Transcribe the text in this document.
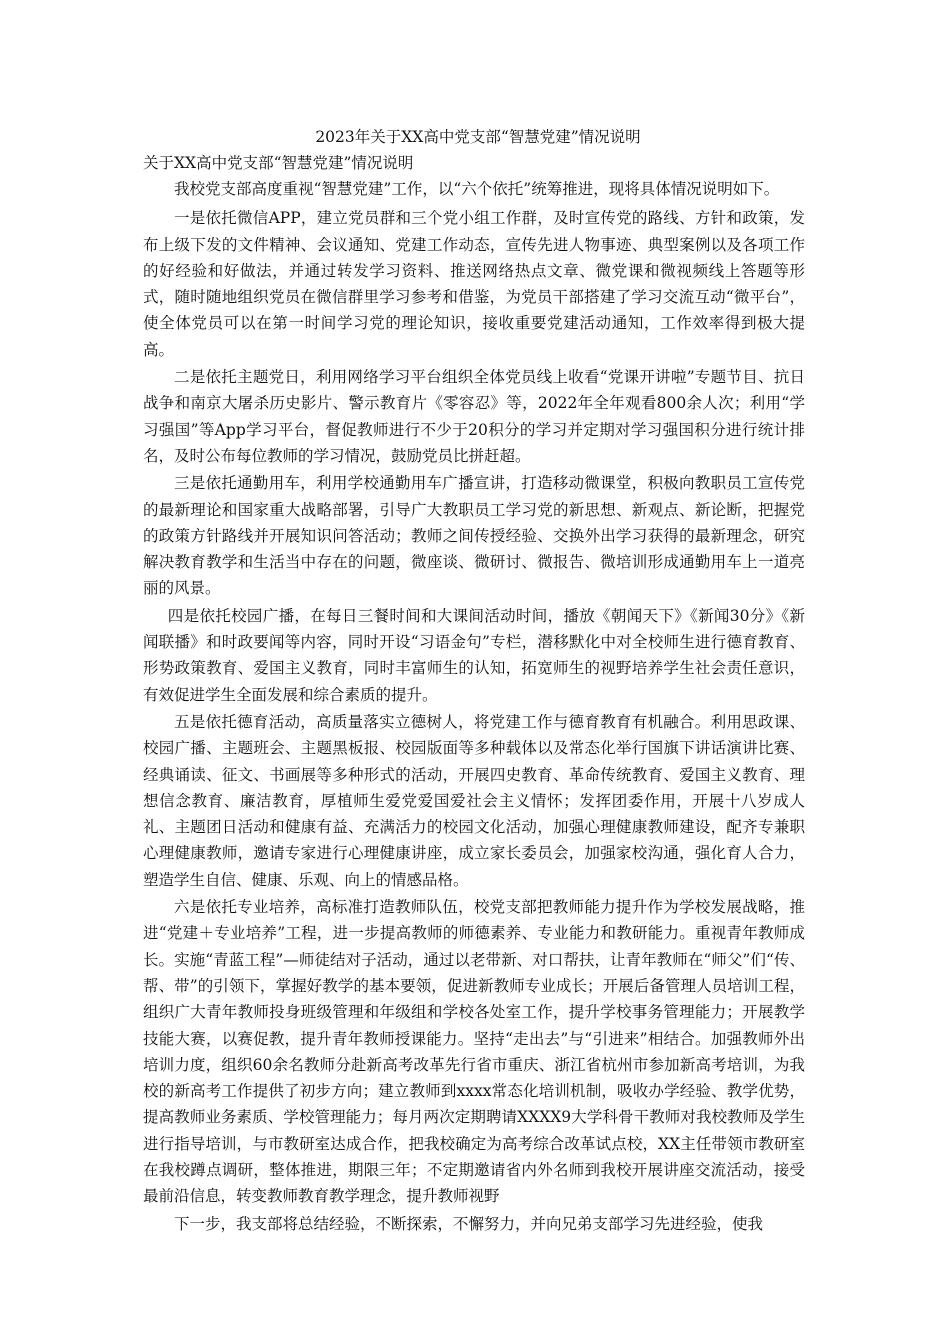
2023年关于XX高中党支部“智慧党建”情况说明

关于XX高中党支部“智慧党建”情况说明

我校党支部高度重视“智慧党建”工作，以“六个依托”统筹推进，现将具体情况说明如下。

一是依托微信APP，建立党员群和三个党小组工作群，及时宣传党的路线、方针和政策，发布上级下发的文件精神、会议通知、党建工作动态，宣传先进人物事迹、典型案例以及各项工作的好经验和好做法，并通过转发学习资料、推送网络热点文章、微党课和微视频线上答题等形式，随时随地组织党员在微信群里学习参考和借鉴，为党员干部搭建了学习交流互动“微平台”，使全体党员可以在第一时间学习党的理论知识，接收重要党建活动通知，工作效率得到极大提高。

二是依托主题党日，利用网络学习平台组织全体党员线上收看“党课开讲啦”专题节目、抗日战争和南京大屠杀历史影片、警示教育片《零容忍》等，2022年全年观看800余人次；利用“学习强国”等App学习平台，督促教师进行不少于20积分的学习并定期对学习强国积分进行统计排名，及时公布每位教师的学习情况，鼓励党员比拼赶超。

三是依托通勤用车，利用学校通勤用车广播宣讲，打造移动微课堂，积极向教职员工宣传党的最新理论和国家重大战略部署，引导广大教职员工学习党的新思想、新观点、新论断，把握党的政策方针路线并开展知识问答活动；教师之间传授经验、交换外出学习获得的最新理念，研究解决教育教学和生活当中存在的问题，微座谈、微研讨、微报告、微培训形成通勤用车上一道亮丽的风景。

四是依托校园广播，在每日三餐时间和大课间活动时间，播放《朝闻天下》《新闻30分》《新闻联播》和时政要闻等内容，同时开设“习语金句”专栏，潜移默化中对全校师生进行德育教育、形势政策教育、爱国主义教育，同时丰富师生的认知，拓宽师生的视野培养学生社会责任意识，有效促进学生全面发展和综合素质的提升。

五是依托德育活动，高质量落实立德树人，将党建工作与德育教育有机融合。利用思政课、校园广播、主题班会、主题黑板报、校园版面等多种载体以及常态化举行国旗下讲话演讲比赛、经典诵读、征文、书画展等多种形式的活动，开展四史教育、革命传统教育、爱国主义教育、理想信念教育、廉洁教育，厚植师生爱党爱国爱社会主义情怀；发挥团委作用，开展十八岁成人礼、主题团日活动和健康有益、充满活力的校园文化活动，加强心理健康教师建设，配齐专兼职心理健康教师，邀请专家进行心理健康讲座，成立家长委员会，加强家校沟通，强化育人合力，塑造学生自信、健康、乐观、向上的情感品格。

六是依托专业培养，高标准打造教师队伍，校党支部把教师能力提升作为学校发展战略，推进“党建＋专业培养”工程，进一步提高教师的师德素养、专业能力和教研能力。重视青年教师成长。实施“青蓝工程”—师徒结对子活动，通过以老带新、对口帮扶，让青年教师在“师父”们“传、帮、带”的引领下，掌握好教学的基本要领，促进新教师专业成长；开展后备管理人员培训工程，组织广大青年教师投身班级管理和年级组和学校各处室工作，提升学校事务管理能力；开展教学技能大赛，以赛促教，提升青年教师授课能力。坚持“走出去”与“引进来”相结合。加强教师外出培训力度，组织60余名教师分赴新高考改革先行省市重庆、浙江省杭州市参加新高考培训，为我校的新高考工作提供了初步方向；建立教师到xxxx常态化培训机制，吸收办学经验、教学优势，提高教师业务素质、学校管理能力；每月两次定期聘请XXXX9大学科骨干教师对我校教师及学生进行指导培训，与市教研室达成合作，把我校确定为高考综合改革试点校，XX主任带领市教研室在我校蹲点调研，整体推进，期限三年；不定期邀请省内外名师到我校开展讲座交流活动，接受最前沿信息，转变教师教育教学理念，提升教师视野

下一步，我支部将总结经验，不断探索，不懈努力，并向兄弟支部学习先进经验，使我
